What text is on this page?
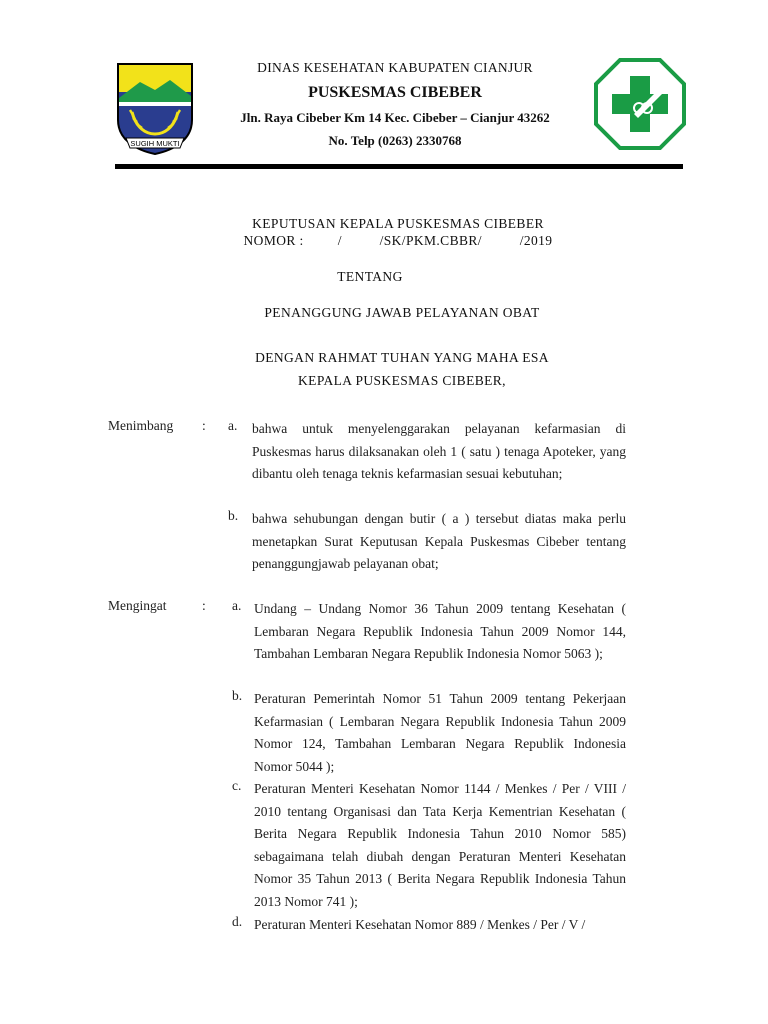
SUGIH MUKTI
DINAS KESEHATAN KABUPATEN CIANJUR
PUSKESMAS CIBEBER
Jln. Raya Cibeber Km 14 Kec. Cibeber – Cianjur 43262
No. Telp (0263) 2330768
KEPUTUSAN KEPALA PUSKESMAS CIBEBER
NOMOR :         /          /SK/PKM.CBBR/          /2019
TENTANG
PENANGGUNG JAWAB PELAYANAN OBAT
DENGAN RAHMAT TUHAN YANG MAHA ESA
KEPALA PUSKESMAS CIBEBER,
Menimbang : a. bahwa untuk menyelenggarakan pelayanan kefarmasian di Puskesmas harus dilaksanakan oleh 1 ( satu ) tenaga Apoteker, yang dibantu oleh tenaga teknis kefarmasian sesuai kebutuhan;
b. bahwa sehubungan dengan butir ( a ) tersebut diatas maka perlu menetapkan Surat Keputusan Kepala Puskesmas Cibeber tentang penanggungjawab pelayanan obat;
Mengingat	: a. Undang – Undang Nomor 36 Tahun 2009 tentang Kesehatan ( Lembaran Negara Republik Indonesia Tahun 2009 Nomor 144, Tambahan Lembaran Negara Republik Indonesia Nomor 5063 );
b. Peraturan Pemerintah Nomor 51 Tahun 2009 tentang Pekerjaan Kefarmasian ( Lembaran Negara Republik Indonesia Tahun 2009 Nomor 124, Tambahan Lembaran Negara Republik Indonesia Nomor 5044 );
c. Peraturan Menteri Kesehatan Nomor 1144 / Menkes / Per / VIII / 2010 tentang Organisasi dan Tata Kerja Kementrian Kesehatan ( Berita Negara Republik Indonesia Tahun 2010 Nomor 585) sebagaimana telah diubah dengan Peraturan Menteri Kesehatan Nomor 35 Tahun 2013 ( Berita Negara Republik Indonesia Tahun 2013 Nomor 741 );
d. Peraturan Menteri Kesehatan Nomor 889 / Menkes / Per / V /
